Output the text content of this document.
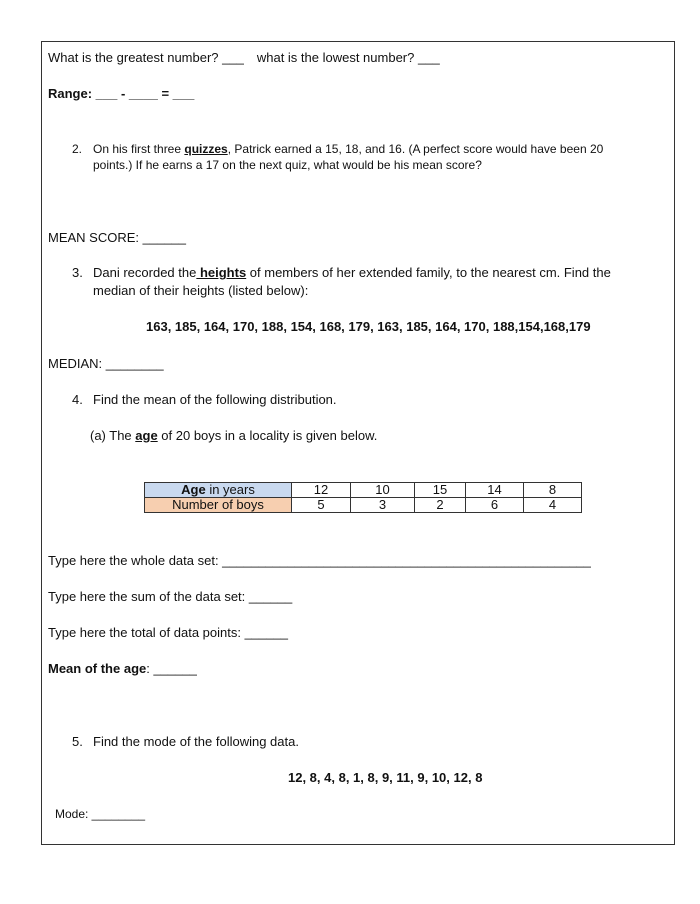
What is the greatest number? ___ what is the lowest number? ___
Range: ___ - ____ = ___
2. On his first three quizzes, Patrick earned a 15, 18, and 16. (A perfect score would have been 20
points.) If he earns a 17 on the next quiz, what would be his mean score?
MEAN SCORE: ______
3. Dani recorded the heights of members of her extended family, to the nearest cm. Find the
median of their heights (listed below):
163, 185, 164, 170, 188, 154, 168, 179, 163, 185, 164, 170, 188,154,168,179
MEDIAN: ________
4. Find the mean of the following distribution.
(a) The age of 20 boys in a locality is given below.
Age in years	12	10	15	14	8
Number of boys	5	3	2	6	4
Type here the whole data set: ___________________________________________________
Type here the sum of the data set: ______
Type here the total of data points: ______
Mean of the age: ______
5. Find the mode of the following data.
12, 8, 4, 8, 1, 8, 9, 11, 9, 10, 12, 8
Mode: ________
